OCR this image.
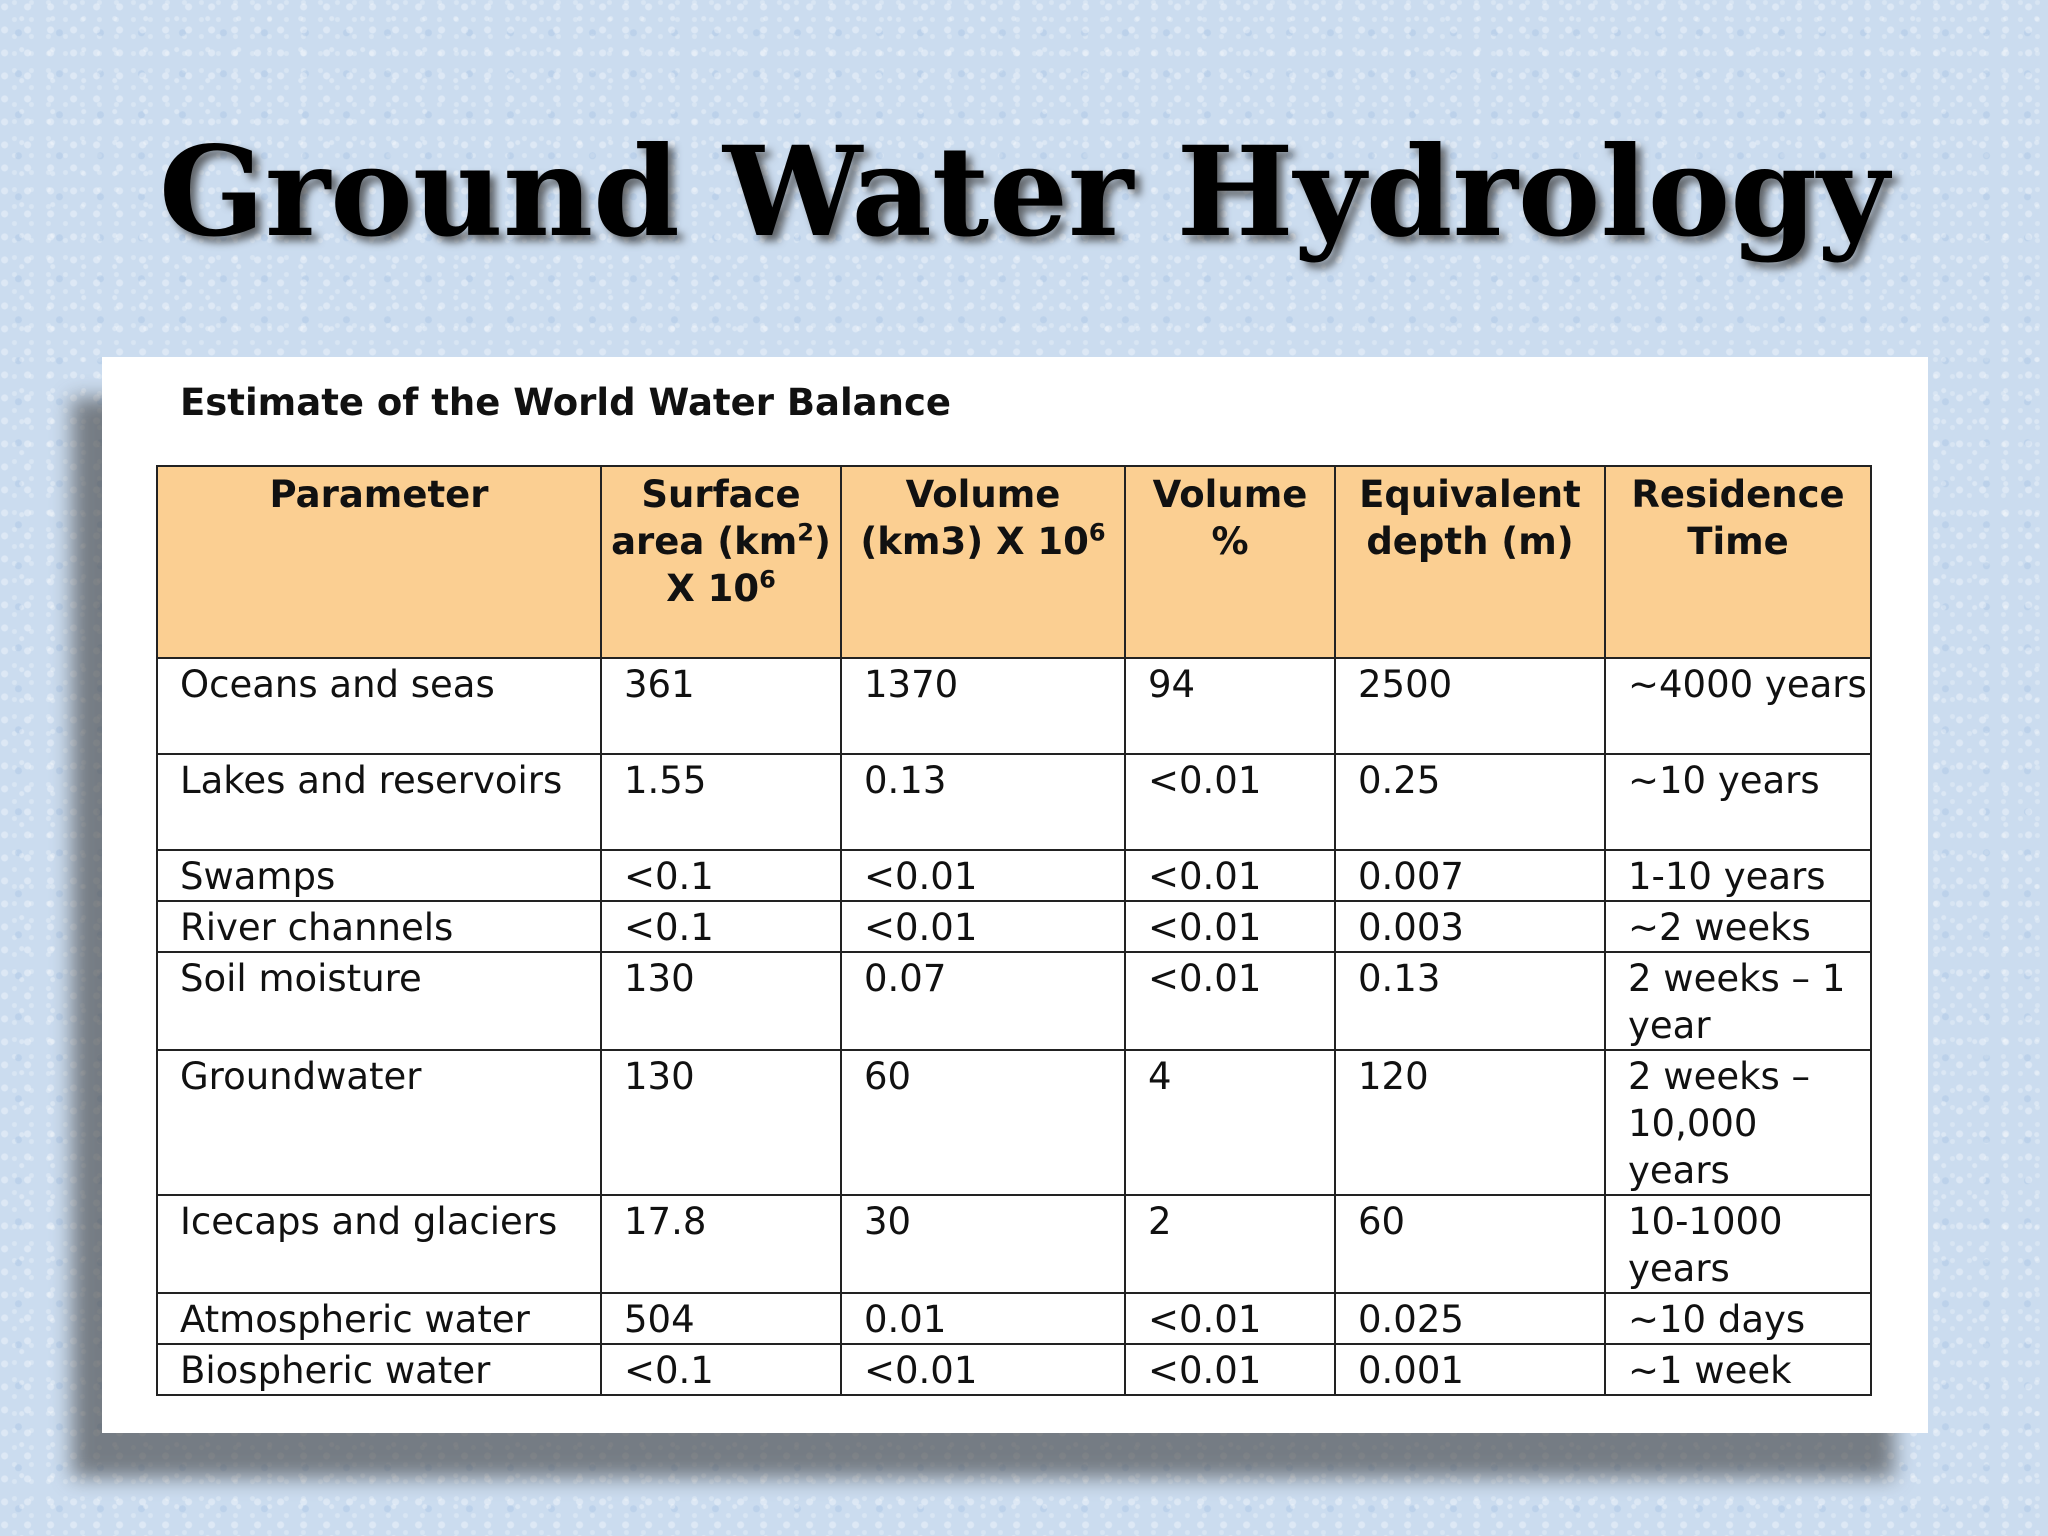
Ground Water Hydrology
Estimate of the World Water Balance
Parameter	Surface area $(km^2)$ X $10^6$	Volume (km3) X $10^6$	Volume %	Equivalent depth (m)	Residence Time
Oceans and seas	361	1370	94	2500	~4000 years
Lakes and reservoirs	1.55	0.13	<0.01	0.25	~10 years
Swamps	<0.1	<0.01	<0.01	0.007	1-10 years
River channels	<0.1	<0.01	<0.01	0.003	~2 weeks
Soil moisture	130	0.07	<0.01	0.13	2 weeks – 1 year
Groundwater	130	60	4	120	2 weeks – 10,000 years
Icecaps and glaciers	17.8	30	2	60	10-1000 years
Atmospheric water	504	0.01	<0.01	0.025	~10 days
Biospheric water	<0.1	<0.01	<0.01	0.001	~1 week
